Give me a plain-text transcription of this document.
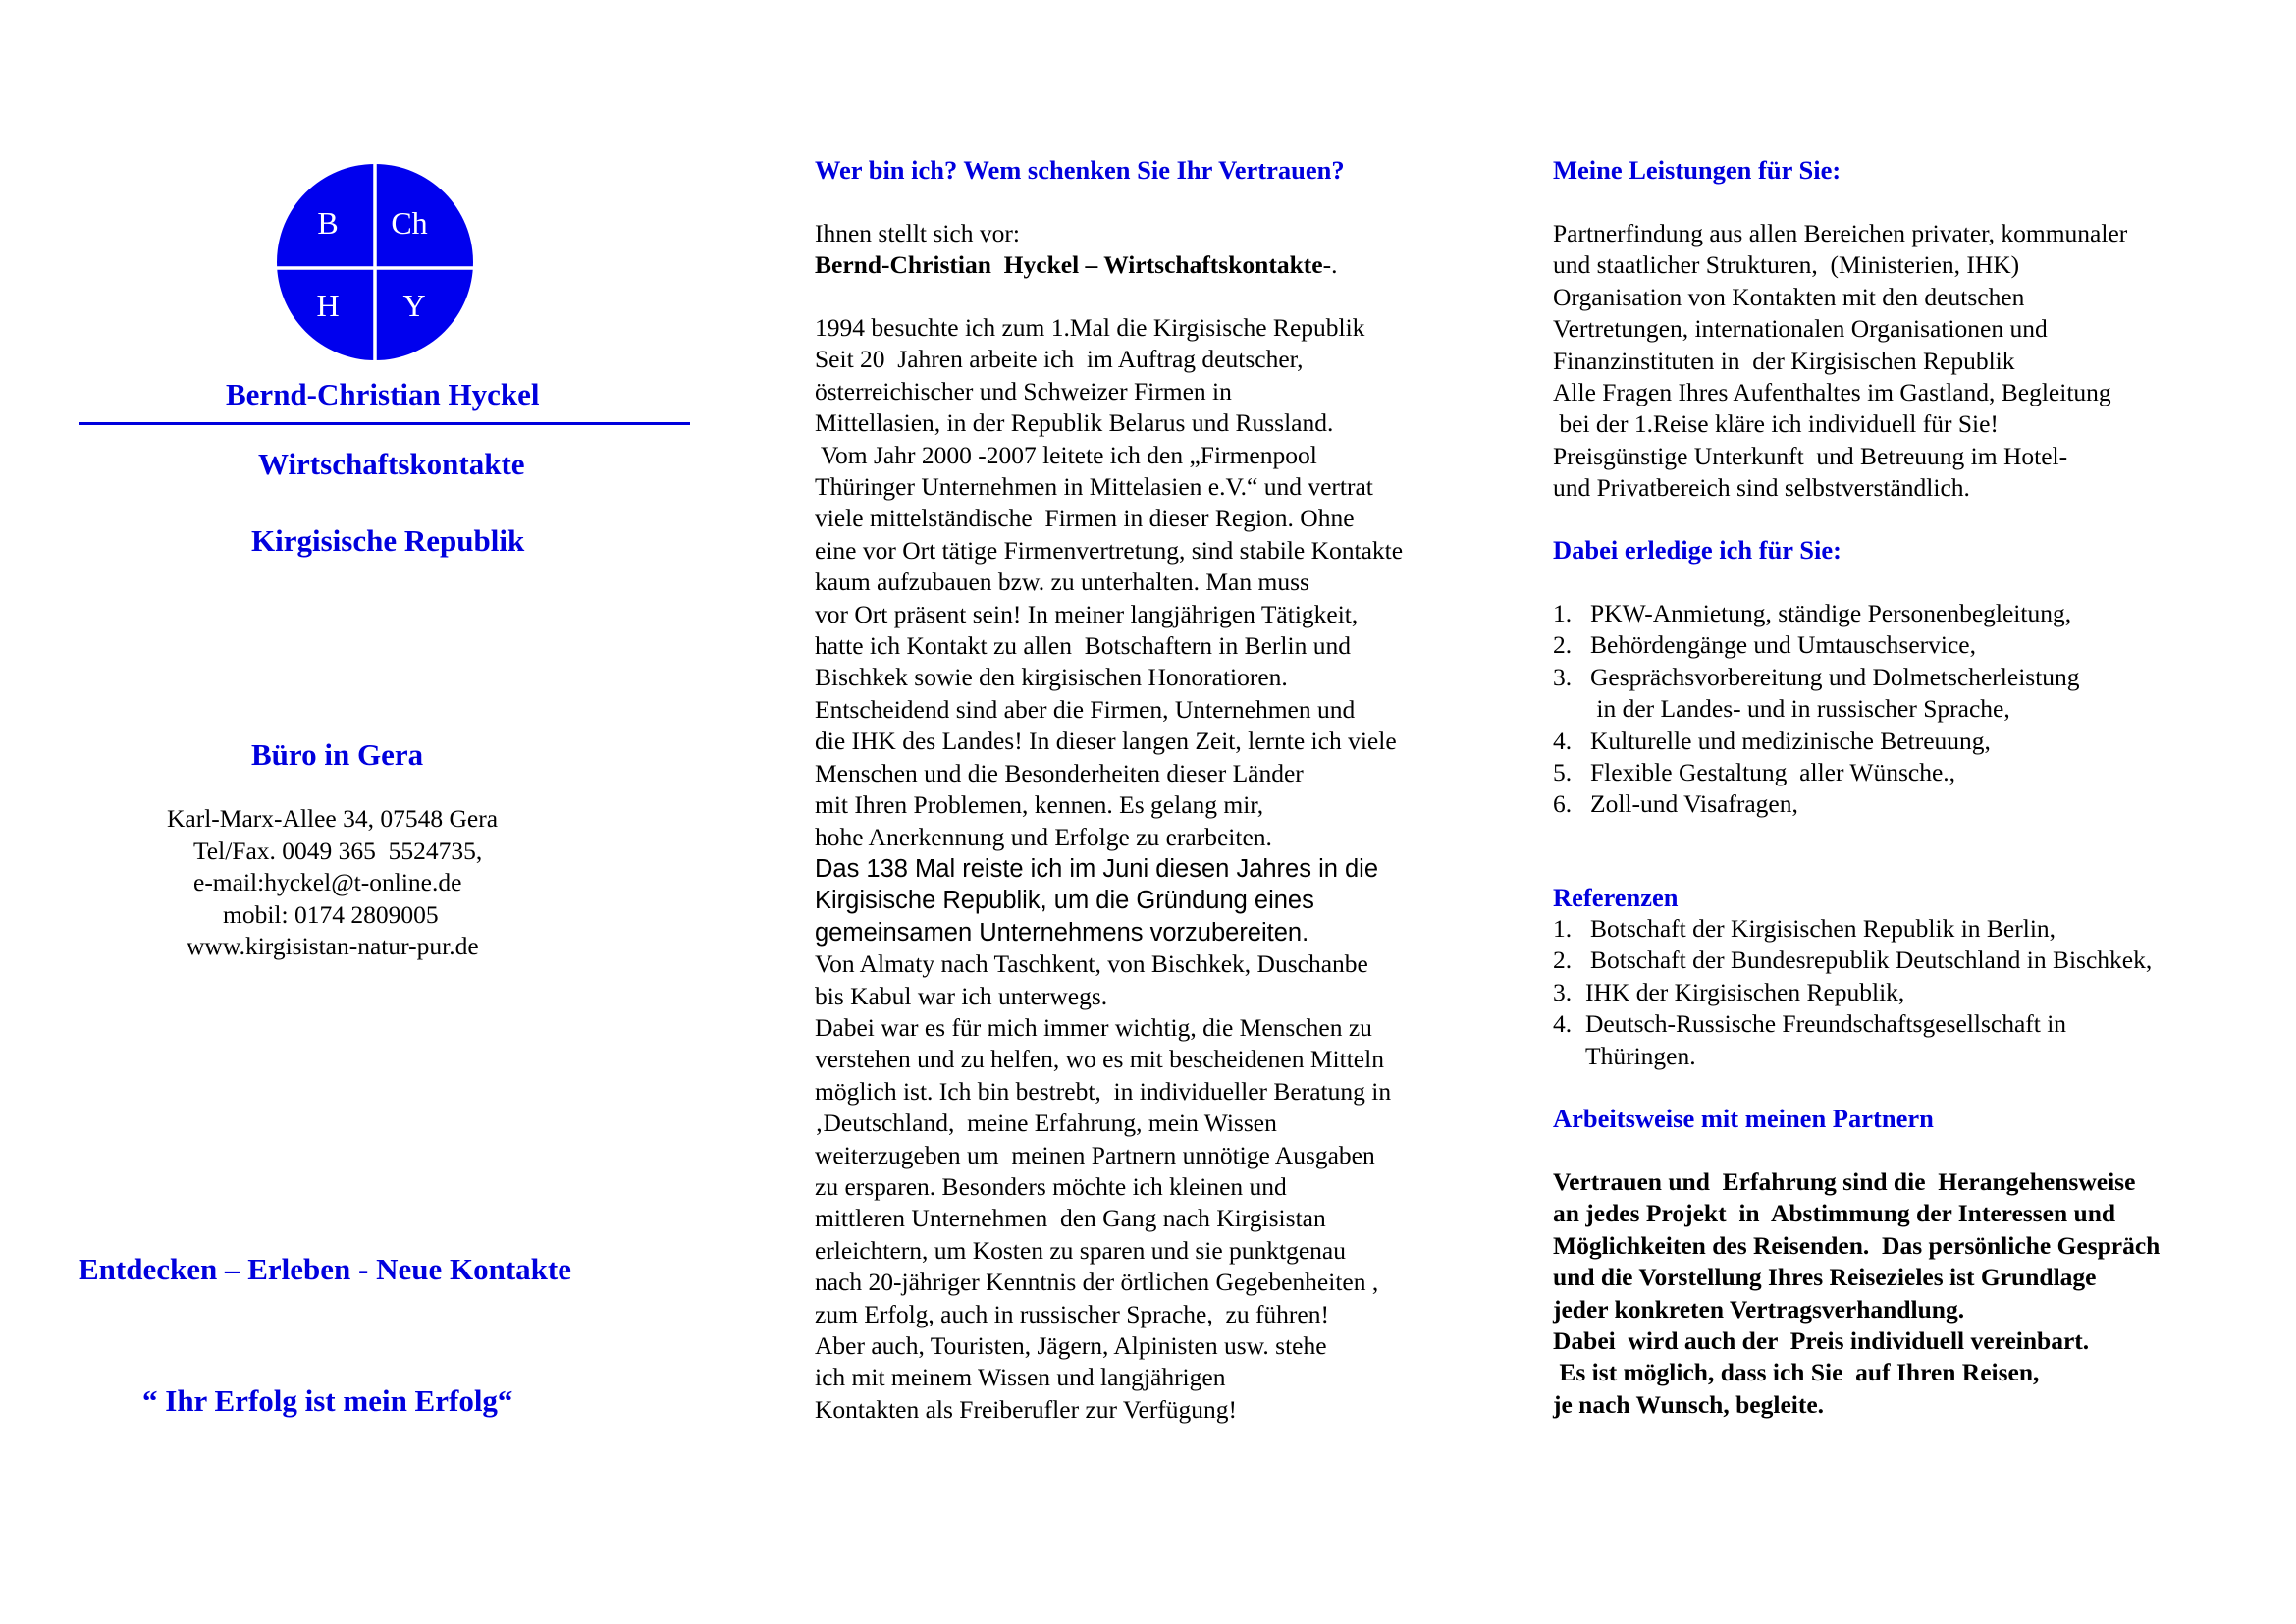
B Ch
H Y
Bernd-Christian Hyckel
Wirtschaftskontakte
Kirgisische Republik
Büro in Gera
Karl-Marx-Allee 34, 07548 Gera
Tel/Fax. 0049 365  5524735,
e-mail:hyckel@t-online.de
mobil: 0174 2809005
www.kirgisistan-natur-pur.de
Entdecken – Erleben - Neue Kontakte
“ Ihr Erfolg ist mein Erfolg“
Wer bin ich? Wem schenken Sie Ihr Vertrauen?

Ihnen stellt sich vor:

Bernd-Christian  Hyckel – Wirtschaftskontakte-.

1994 besuchte ich zum 1.Mal die Kirgisische Republik

Seit 20  Jahren arbeite ich  im Auftrag deutscher,

österreichischer und Schweizer Firmen in

Mittellasien, in der Republik Belarus und Russland.

Vom Jahr 2000 -2007 leitete ich den „Firmenpool

Thüringer Unternehmen in Mittelasien e.V.“ und vertrat

viele mittelständische  Firmen in dieser Region. Ohne

eine vor Ort tätige Firmenvertretung, sind stabile Kontakte

kaum aufzubauen bzw. zu unterhalten. Man muss

vor Ort präsent sein! In meiner langjährigen Tätigkeit,

hatte ich Kontakt zu allen  Botschaftern in Berlin und

Bischkek sowie den kirgisischen Honoratioren.

Entscheidend sind aber die Firmen, Unternehmen und

die IHK des Landes! In dieser langen Zeit, lernte ich viele

Menschen und die Besonderheiten dieser Länder

mit Ihren Problemen, kennen. Es gelang mir,

hohe Anerkennung und Erfolge zu erarbeiten.

Das 138 Mal reiste ich im Juni diesen Jahres in die

Kirgisische Republik, um die Gründung eines

gemeinsamen Unternehmens vorzubereiten.

Von Almaty nach Taschkent, von Bischkek, Duschanbe

bis Kabul war ich unterwegs.

Dabei war es für mich immer wichtig, die Menschen zu

verstehen und zu helfen, wo es mit bescheidenen Mitteln

möglich ist. Ich bin bestrebt,  in individueller Beratung in

‚Deutschland,  meine Erfahrung, mein Wissen

weiterzugeben um  meinen Partnern unnötige Ausgaben

zu ersparen. Besonders möchte ich kleinen und

mittleren Unternehmen  den Gang nach Kirgisistan

erleichtern, um Kosten zu sparen und sie punktgenau

nach 20-jähriger Kenntnis der örtlichen Gegebenheiten ,

zum Erfolg, auch in russischer Sprache,  zu führen!

Aber auch, Touristen, Jägern, Alpinisten usw. stehe

ich mit meinem Wissen und langjährigen

Kontakten als Freiberufler zur Verfügung!

Meine Leistungen für Sie:

Partnerfindung aus allen Bereichen privater, kommunaler

und staatlicher Strukturen,  (Ministerien, IHK)

Organisation von Kontakten mit den deutschen

Vertretungen, internationalen Organisationen und

Finanzinstituten in  der Kirgisischen Republik

Alle Fragen Ihres Aufenthaltes im Gastland, Begleitung

bei der 1.Reise kläre ich individuell für Sie!

Preisgünstige Unterkunft  und Betreuung im Hotel-

und Privatbereich sind selbstverständlich.

Dabei erledige ich für Sie:
1. PKW-Anmietung, ständige Personenbegleitung,
2. Behördengänge und Umtauschservice,
3. Gesprächsvorbereitung und Dolmetscherleistung
in der Landes- und in russischer Sprache,
4. Kulturelle und medizinische Betreuung,
5. Flexible Gestaltung  aller Wünsche.,
6. Zoll-und Visafragen,
Referenzen
1. Botschaft der Kirgisischen Republik in Berlin,
2. Botschaft der Bundesrepublik Deutschland in Bischkek,
3. IHK der Kirgisischen Republik,
4. Deutsch-Russische Freundschaftsgesellschaft in
Thüringen.
Arbeitsweise mit meinen Partnern

Vertrauen und  Erfahrung sind die  Herangehensweise

an jedes Projekt  in  Abstimmung der Interessen und

Möglichkeiten des Reisenden.  Das persönliche Gespräch

und die Vorstellung Ihres Reisezieles ist Grundlage

jeder konkreten Vertragsverhandlung.

Dabei  wird auch der  Preis individuell vereinbart.

Es ist möglich, dass ich Sie  auf Ihren Reisen,

je nach Wunsch, begleite.
